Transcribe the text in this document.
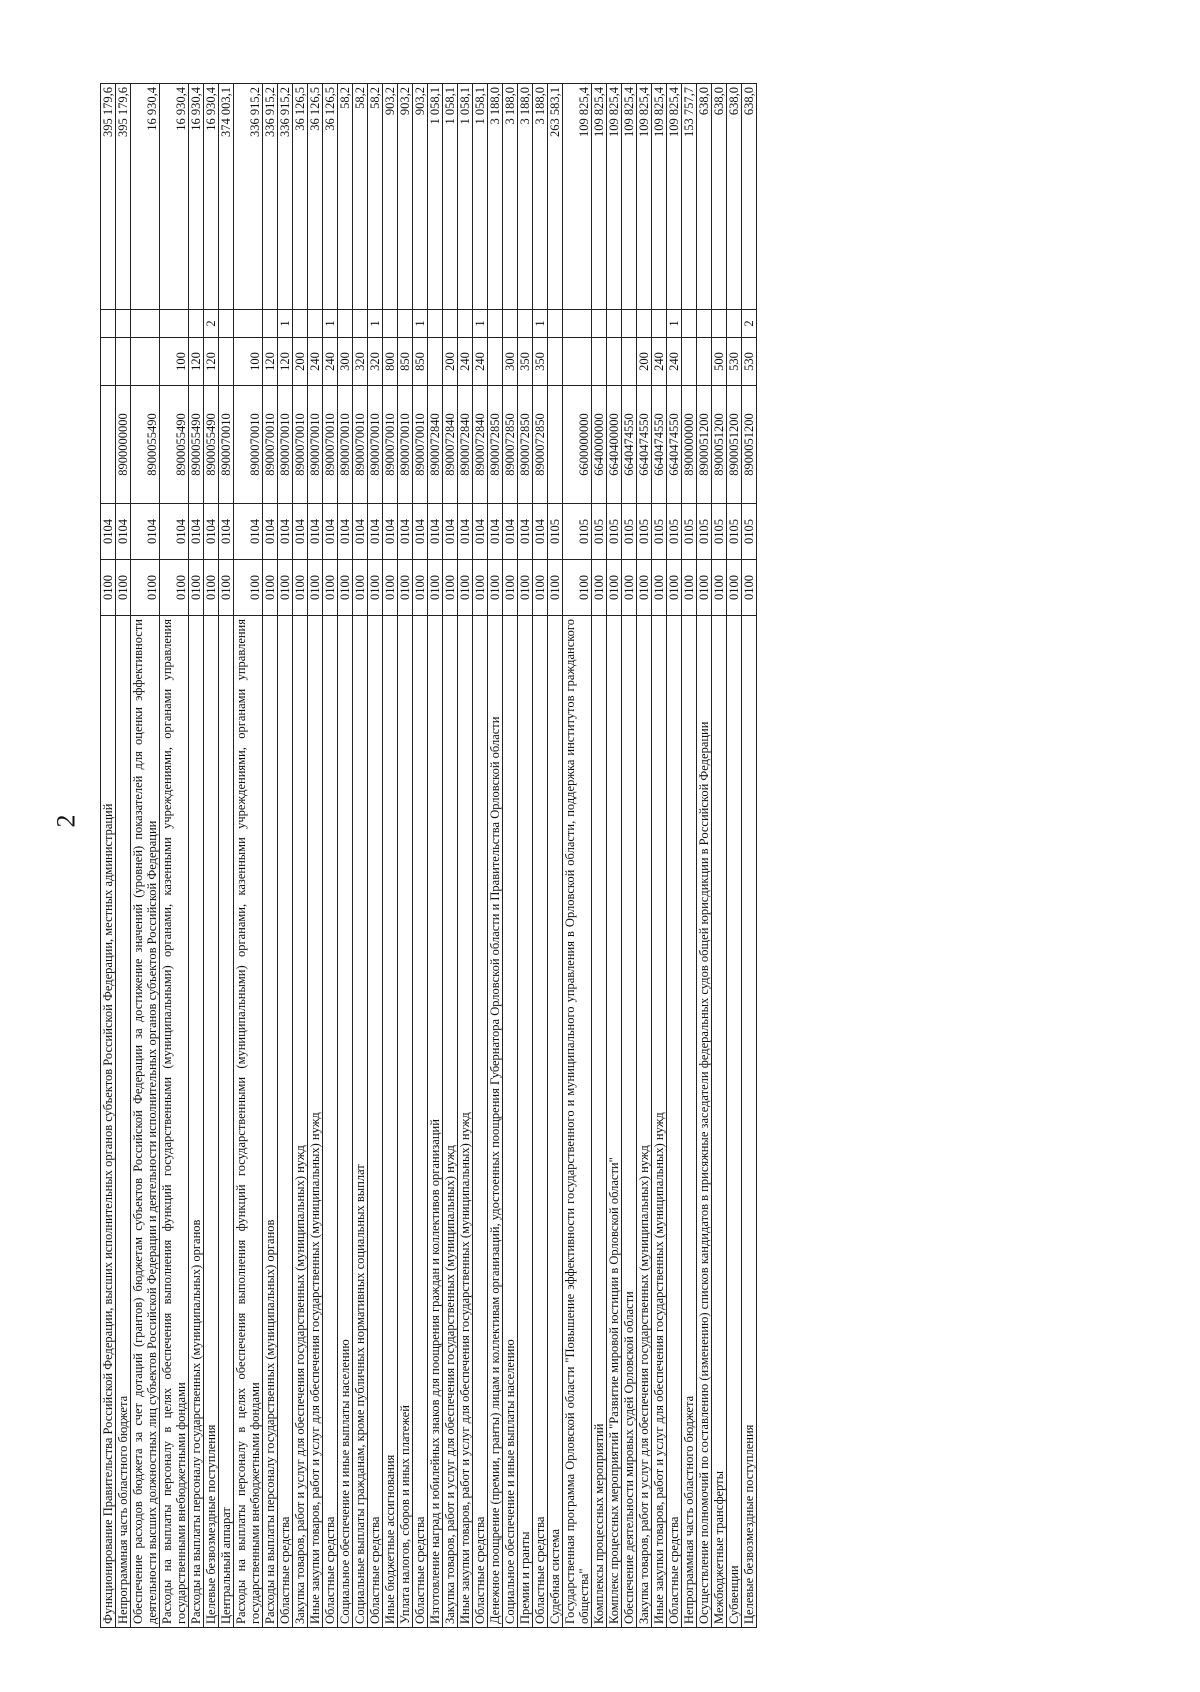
2 Функционирование Правительства Российской Федерации, высших исполнительных органов субъектов Российской Федерации, местных администраций	0100	0104				395 179,6
Непрограммная часть областного бюджета	0100	0104	8900000000			395 179,6
Обеспечение расходов бюджета за счет дотаций (грантов) бюджетам субъектов Российской Федерации за достижение значений (уровней) показателей для оценки эффективности деятельности высших должностных лиц субъектов Российской Федерации и деятельности исполнительных органов субъектов Российской Федерации	0100	0104	8900055490			16 930,4
Расходы на выплаты персоналу в целях обеспечения выполнения функций государственными (муниципальными) органами, казенными учреждениями, органами управления государственными внебюджетными фондами	0100	0104	8900055490	100		16 930,4
Расходы на выплаты персоналу государственных (муниципальных) органов	0100	0104	8900055490	120		16 930,4
Целевые безвозмездные поступления	0100	0104	8900055490	120	2	16 930,4
Центральный аппарат	0100	0104	8900070010			374 003,1
Расходы на выплаты персоналу в целях обеспечения выполнения функций государственными (муниципальными) органами, казенными учреждениями, органами управления государственными внебюджетными фондами	0100	0104	8900070010	100		336 915,2
Расходы на выплаты персоналу государственных (муниципальных) органов	0100	0104	8900070010	120		336 915,2
Областные средства	0100	0104	8900070010	120	1	336 915,2
Закупка товаров, работ и услуг для обеспечения государственных (муниципальных) нужд	0100	0104	8900070010	200		36 126,5
Иные закупки товаров, работ и услуг для обеспечения государственных (муниципальных) нужд	0100	0104	8900070010	240		36 126,5
Областные средства	0100	0104	8900070010	240	1	36 126,5
Социальное обеспечение и иные выплаты населению	0100	0104	8900070010	300		58,2
Социальные выплаты гражданам, кроме публичных нормативных социальных выплат	0100	0104	8900070010	320		58,2
Областные средства	0100	0104	8900070010	320	1	58,2
Иные бюджетные ассигнования	0100	0104	8900070010	800		903,2
Уплата налогов, сборов и иных платежей	0100	0104	8900070010	850		903,2
Областные средства	0100	0104	8900070010	850	1	903,2
Изготовление наград и юбилейных знаков для поощрения граждан и коллективов организаций	0100	0104	8900072840			1 058,1
Закупка товаров, работ и услуг для обеспечения государственных (муниципальных) нужд	0100	0104	8900072840	200		1 058,1
Иные закупки товаров, работ и услуг для обеспечения государственных (муниципальных) нужд	0100	0104	8900072840	240		1 058,1
Областные средства	0100	0104	8900072840	240	1	1 058,1
Денежное поощрение (премии, гранты) лицам и коллективам организаций, удостоенных поощрения Губернатора Орловской области и Правительства Орловской области	0100	0104	8900072850			3 188,0
Социальное обеспечение и иные выплаты населению	0100	0104	8900072850	300		3 188,0
Премии и гранты	0100	0104	8900072850	350		3 188,0
Областные средства	0100	0104	8900072850	350	1	3 188,0
Судебная система	0100	0105				263 583,1
Государственная программа Орловской области "Повышение эффективности государственного и муниципального управления в Орловской области, поддержка институтов гражданского общества"	0100	0105	6600000000			109 825,4
Комплексы процессных мероприятий	0100	0105	6640000000			109 825,4
Комплекс процессных мероприятий "Развитие мировой юстиции в Орловской области"	0100	0105	6640400000			109 825,4
Обеспечение деятельности мировых судей Орловской области	0100	0105	6640474550			109 825,4
Закупка товаров, работ и услуг для обеспечения государственных (муниципальных) нужд	0100	0105	6640474550	200		109 825,4
Иные закупки товаров, работ и услуг для обеспечения государственных (муниципальных) нужд	0100	0105	6640474550	240		109 825,4
Областные средства	0100	0105	6640474550	240	1	109 825,4
Непрограммная часть областного бюджета	0100	0105	8900000000			153 757,7
Осуществление полномочий по составлению (изменению) списков кандидатов в присяжные заседатели федеральных судов общей юрисдикции в Российской Федерации	0100	0105	8900051200			638,0
Межбюджетные трансферты	0100	0105	8900051200	500		638,0
Субвенции	0100	0105	8900051200	530		638,0
Целевые безвозмездные поступления	0100	0105	8900051200	530	2	638,0
